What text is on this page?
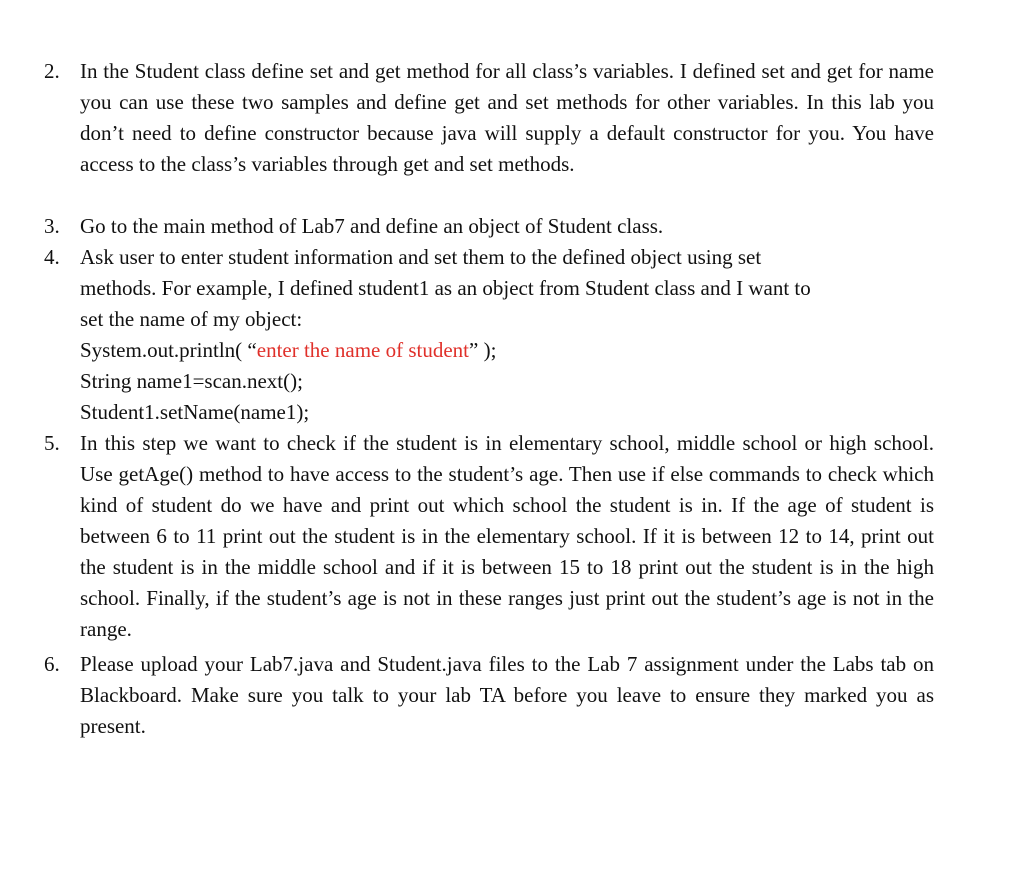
2. In the Student class define set and get method for all class’s variables. I defined set and get for name you can use these two samples and define get and set methods for other variables. In this lab you don’t need to define constructor because java will supply a default constructor for you. You have access to the class’s variables through get and set methods.
3. Go to the main method of Lab7 and define an object of Student class.
4. Ask user to enter student information and set them to the defined object using set
methods. For example, I defined student1 as an object from Student class and I want to
set the name of my object:
System.out.println( “enter the name of student” );
String name1=scan.next();
Student1.setName(name1);
5. In this step we want to check if the student is in elementary school, middle school or high school. Use getAge() method to have access to the student’s age. Then use if else commands to check which kind of student do we have and print out which school the student is in. If the age of student is between 6 to 11 print out the student is in the elementary school. If it is between 12 to 14, print out the student is in the middle school and if it is between 15 to 18 print out the student is in the high school. Finally, if the student’s age is not in these ranges just print out the student’s age is not in the range.
6. Please upload your Lab7.java and Student.java files to the Lab 7 assignment under the Labs tab on Blackboard. Make sure you talk to your lab TA before you leave to ensure they marked you as present.
